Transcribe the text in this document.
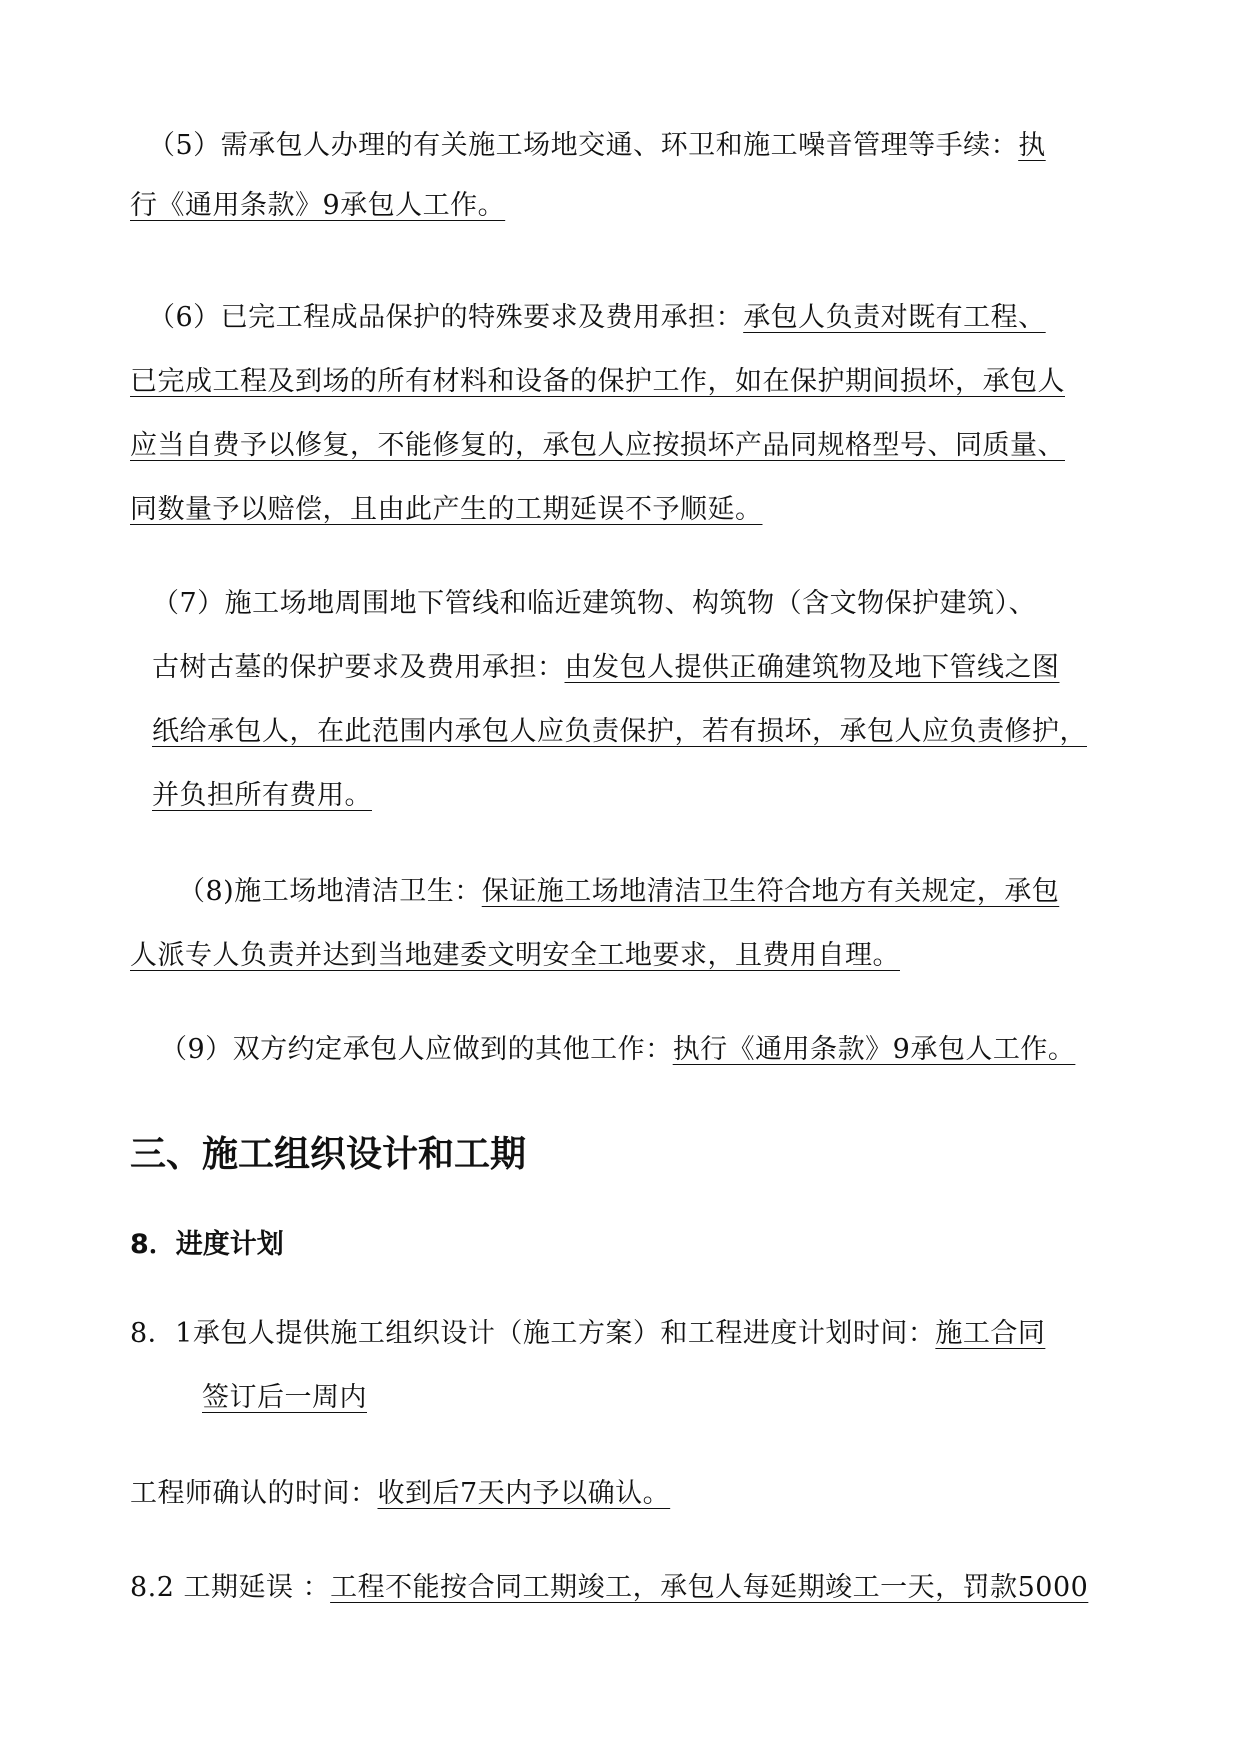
（5）需承包人办理的有关施工场地交通、环卫和施工噪音管理等手续：执
行《通用条款》9承包人工作。
（6）已完工程成品保护的特殊要求及费用承担：承包人负责对既有工程、
已完成工程及到场的所有材料和设备的保护工作，如在保护期间损坏，承包人
应当自费予以修复，不能修复的，承包人应按损坏产品同规格型号、同质量、
同数量予以赔偿，且由此产生的工期延误不予顺延。
（7）施工场地周围地下管线和临近建筑物、构筑物（含文物保护建筑）、
古树古墓的保护要求及费用承担：由发包人提供正确建筑物及地下管线之图
纸给承包人，在此范围内承包人应负责保护，若有损坏，承包人应负责修护，
并负担所有费用。
（8)施工场地清洁卫生：保证施工场地清洁卫生符合地方有关规定，承包
人派专人负责并达到当地建委文明安全工地要求，且费用自理。
（9）双方约定承包人应做到的其他工作：执行《通用条款》9承包人工作。
三、施工组织设计和工期
8．进度计划
8．1承包人提供施工组织设计（施工方案）和工程进度计划时间：施工合同
签订后一周内
工程师确认的时间：收到后7天内予以确认。
8.2 工期延误 ：工程不能按合同工期竣工，承包人每延期竣工一天，罚款5000
